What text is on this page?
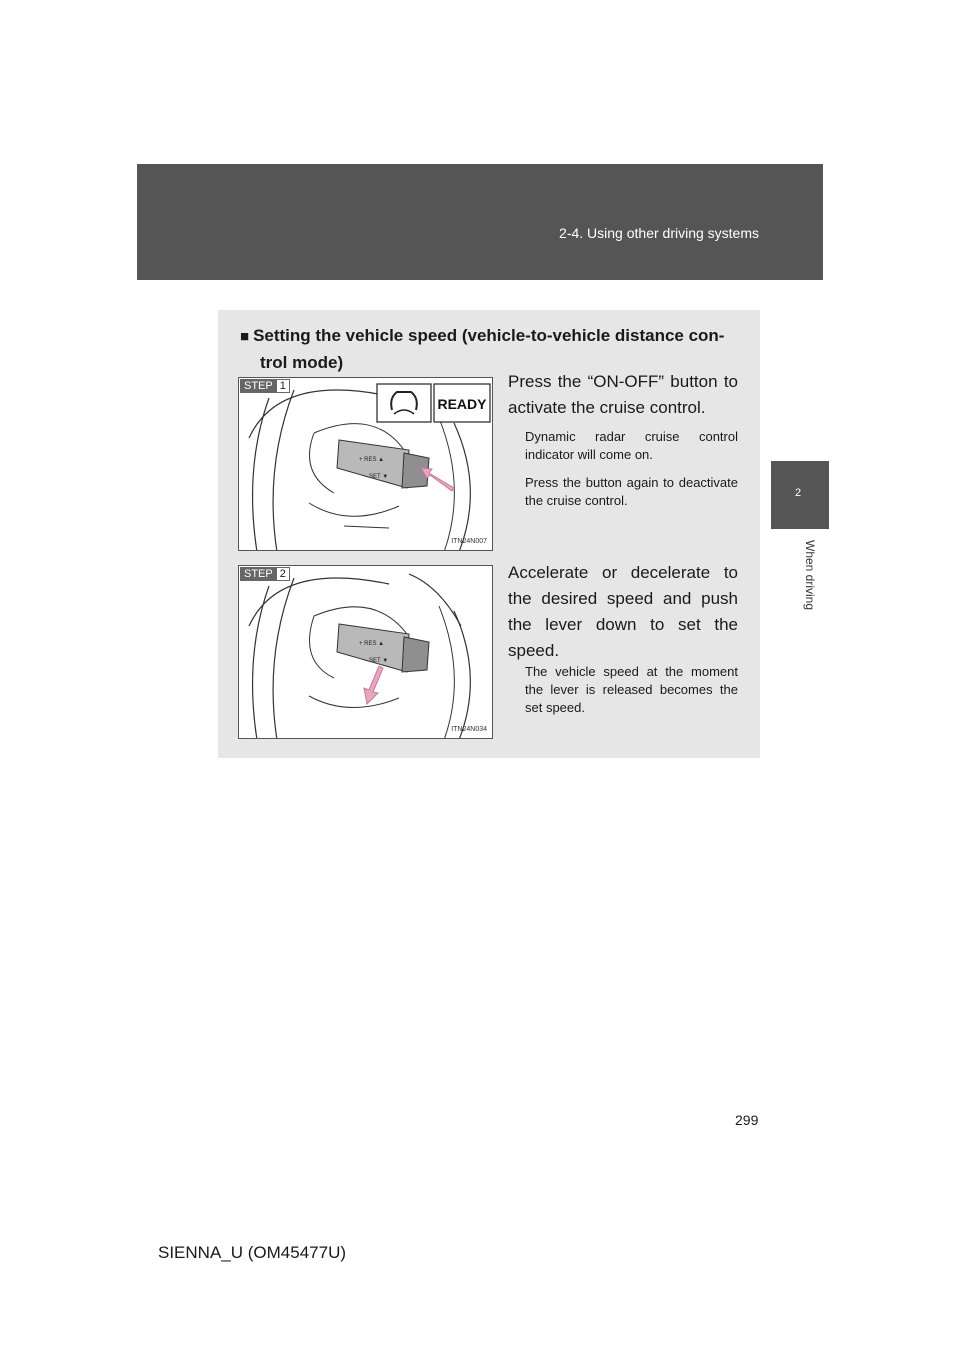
2-4. Using other driving systems
2
When driving
■ Setting the vehicle speed (vehicle-to-vehicle distance con-
trol mode)
STEP 1
+ RES ▲
– SET ▼
READY
ITN24N007
Press the “ON-OFF” button to activate the cruise control.
Dynamic radar cruise control indicator will come on.
Press the button again to deactivate the cruise control.
STEP 2
+ RES ▲
– SET ▼
ITN24N034
Accelerate or decelerate to the desired speed and push the lever down to set the speed.
The vehicle speed at the moment the lever is released becomes the set speed.
299
SIENNA_U (OM45477U)
